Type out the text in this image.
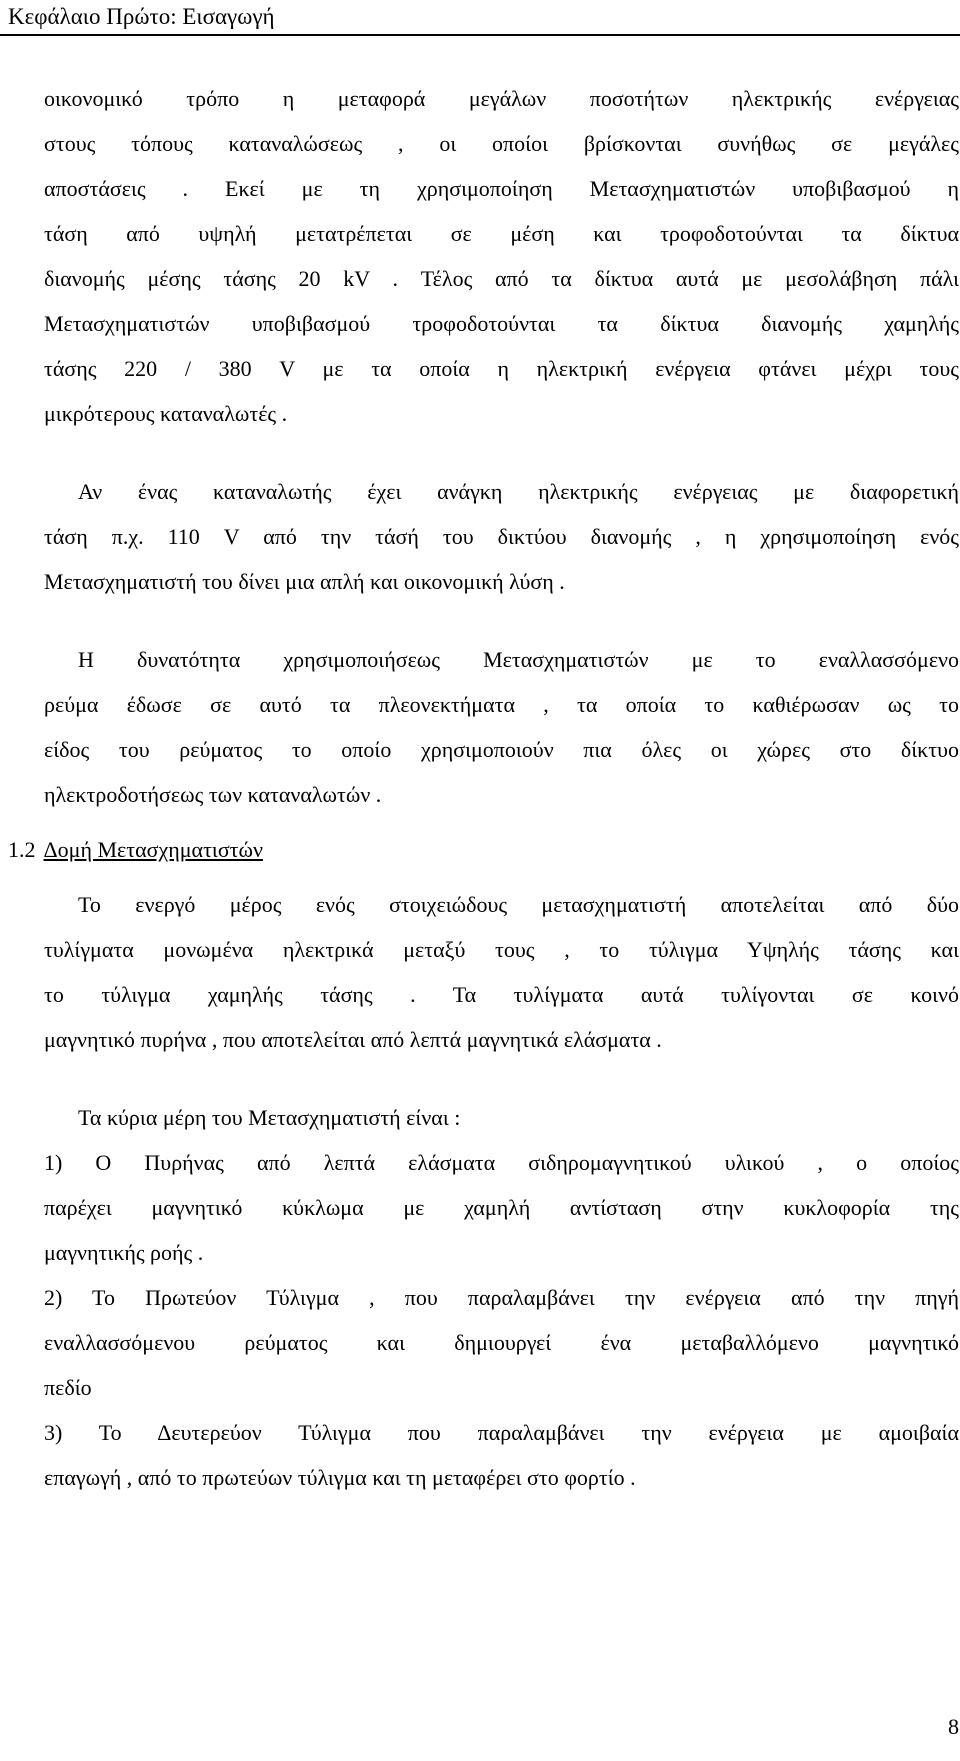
Κεφάλαιο Πρώτο: Εισαγωγή
οικονομικό τρόπο η μεταφορά μεγάλων ποσοτήτων ηλεκτρικής ενέργειας
στους τόπους καταναλώσεως , οι οποίοι βρίσκονται συνήθως σε μεγάλες
αποστάσεις . Εκεί με τη χρησιμοποίηση Μετασχηματιστών υποβιβασμού η
τάση από υψηλή μετατρέπεται σε μέση και τροφοδοτούνται τα δίκτυα
διανομής μέσης τάσης 20 kV . Τέλος από τα δίκτυα αυτά με μεσολάβηση πάλι
Μετασχηματιστών υποβιβασμού τροφοδοτούνται τα δίκτυα διανομής χαμηλής
τάσης 220 / 380 V με τα οποία η ηλεκτρική ενέργεια φτάνει μέχρι τους
μικρότερους καταναλωτές .
Αν ένας καταναλωτής έχει ανάγκη ηλεκτρικής ενέργειας με διαφορετική
τάση π.χ. 110 V από την τάσή του δικτύου διανομής , η χρησιμοποίηση ενός
Μετασχηματιστή του δίνει μια απλή και οικονομική λύση .
Η δυνατότητα χρησιμοποιήσεως Μετασχηματιστών με το εναλλασσόμενο
ρεύμα έδωσε σε αυτό τα πλεονεκτήματα , τα οποία το καθιέρωσαν ως το
είδος του ρεύματος το οποίο χρησιμοποιούν πια όλες οι χώρες στο δίκτυο
ηλεκτροδοτήσεως των καταναλωτών .
1.2 Δομή Μετασχηματιστών
Το ενεργό μέρος ενός στοιχειώδους μετασχηματιστή αποτελείται από δύο
τυλίγματα μονωμένα ηλεκτρικά μεταξύ τους , το τύλιγμα Υψηλής τάσης και
το τύλιγμα χαμηλής τάσης . Τα τυλίγματα αυτά τυλίγονται σε κοινό
μαγνητικό πυρήνα , που αποτελείται από λεπτά μαγνητικά ελάσματα .
Τα κύρια μέρη του Μετασχηματιστή είναι :
1) Ο Πυρήνας από λεπτά ελάσματα σιδηρομαγνητικού υλικού , ο οποίος
παρέχει μαγνητικό κύκλωμα με χαμηλή αντίσταση στην κυκλοφορία της
μαγνητικής ροής .
2) Το Πρωτεύον Τύλιγμα , που παραλαμβάνει την ενέργεια από την πηγή
εναλλασσόμενου ρεύματος και δημιουργεί ένα μεταβαλλόμενο μαγνητικό
πεδίο
3) Το Δευτερεύον Τύλιγμα που παραλαμβάνει την ενέργεια με αμοιβαία
επαγωγή , από το πρωτεύων τύλιγμα και τη μεταφέρει στο φορτίο .
8
